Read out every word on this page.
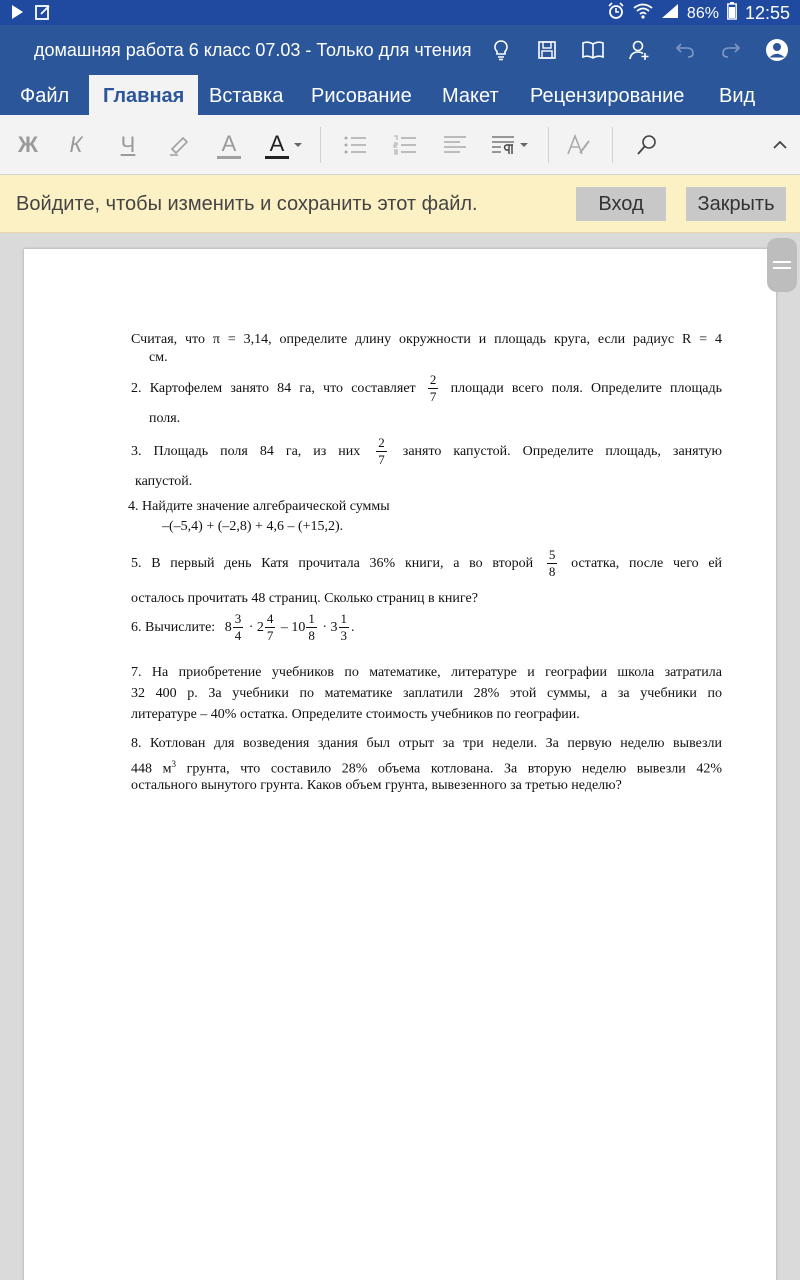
86% 12:55
домашняя работа 6 класс 07.03 - Только для чтения
Файл	Главная	Вставка Рисование Макет Рецензирование Вид
Ж	К	Ч	A A
Войдите, чтобы изменить и сохранить этот файл.	Вход	Закрыть
Считая, что π = 3,14, определите длину окружности и площадь круга, если радиус R = 4
см.
2. Картофелем занято 84 га, что составляет $\frac{2}{7}$ площади всего поля. Определите площадь
поля.
3. Площадь поля 84 га, из них $\frac{2}{7}$ занято капустой. Определите площадь, занятую
капустой.
4. Найдите значение алгебраической суммы
–(–5,4) + (–2,8) + 4,6 – (+15,2).
5. В первый день Катя прочитала 36% книги, а во второй $\frac{5}{8}$ остатка, после чего ей
осталось прочитать 48 страниц. Сколько страниц в книге?
6. Вычислите: $8 \frac{3}{4} \cdot 2 \frac{4}{7} - 10 \frac{1}{8} \cdot 3 \frac{1}{3}$ .
7. На приобретение учебников по математике, литературе и географии школа затратила
32 400 р. За учебники по математике заплатили 28% этой суммы, а за учебники по
литературе – 40% остатка. Определите стоимость учебников по географии.
8. Котлован для возведения здания был отрыт за три недели. За первую неделю вывезли
448 $м^3$ грунта, что составило 28% объема котлована. За вторую неделю вывезли 42%
остального вынутого грунта. Каков объем грунта, вывезенного за третью неделю?
